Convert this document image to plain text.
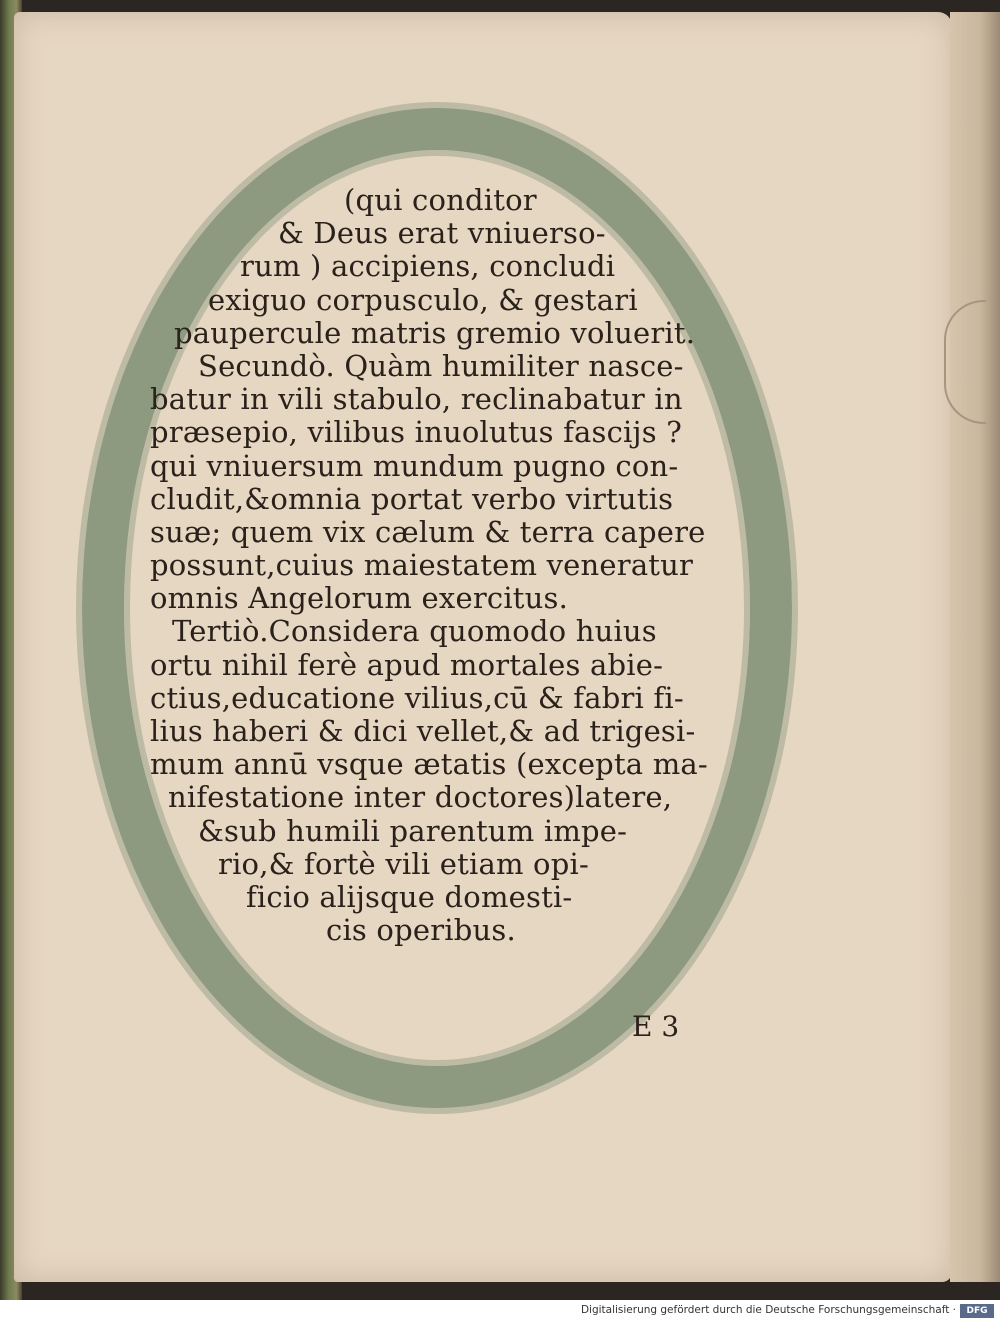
(qui conditor
& Deus erat vniuerso-
rum ) accipiens, concludi
exiguo corpusculo, & gestari
paupercule matris gremio voluerit.
Secundò. Quàm humiliter nasce-
batur in vili stabulo, reclinabatur in
præsepio, vilibus inuolutus fascijs ?
qui vniuersum mundum pugno con-
cludit,&omnia portat verbo virtutis
suæ; quem vix cælum & terra capere
possunt,cuius maiestatem veneratur
omnis Angelorum exercitus.
Tertiò.Considera quomodo huius
ortu nihil ferè apud mortales abie-
ctius,educatione vilius,cū & fabri fi-
lius haberi & dici vellet,& ad trigesi-
mum annū vsque ætatis (excepta ma-
nifestatione inter doctores)latere,
&sub humili parentum impe-
rio,& fortè vili etiam opi-
ficio alijsque domesti-
cis operibus.
E 3
Digitalisierung gefördert durch die Deutsche Forschungsgemeinschaft ·	DFG
